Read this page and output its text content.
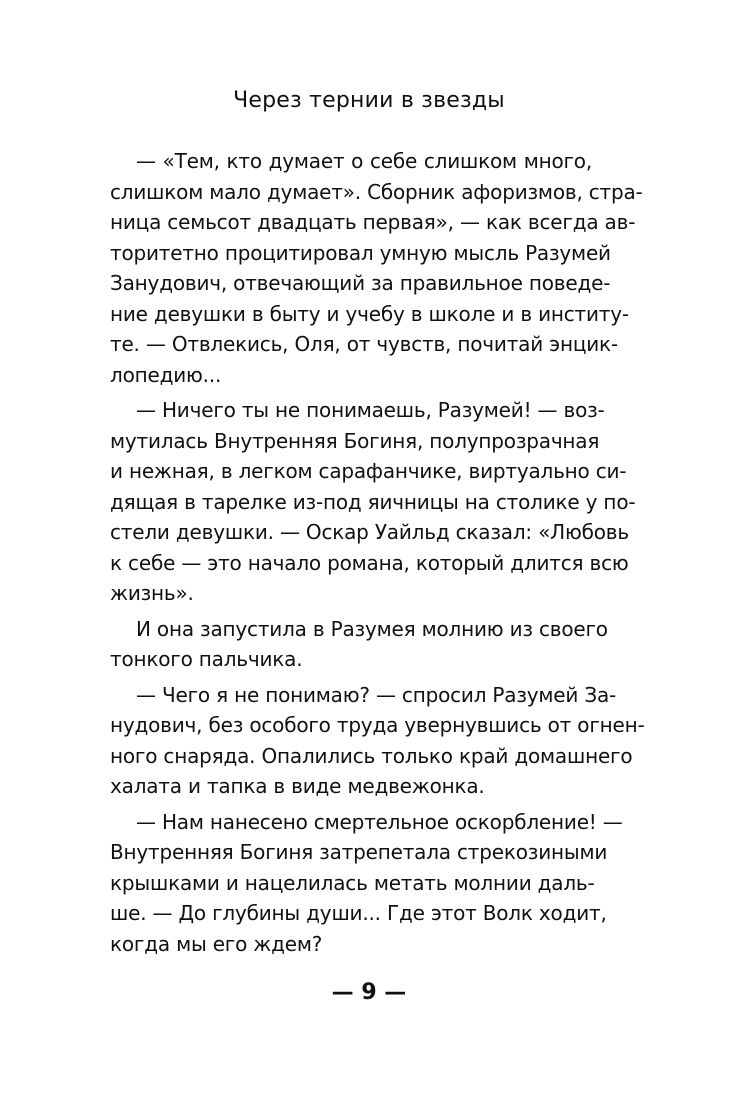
Через тернии в звезды
— «Тем, кто думает о себе слишком много,
слишком мало думает». Сборник афоризмов, стра-
ница семьсот двадцать первая», — как всегда ав-
торитетно процитировал умную мысль Разумей
Занудович, отвечающий за правильное поведе-
ние девушки в быту и учебу в школе и в институ-
те. — Отвлекись, Оля, от чувств, почитай энцик-
лопедию...
— Ничего ты не понимаешь, Разумей! — воз-
мутилась Внутренняя Богиня, полупрозрачная
и нежная, в легком сарафанчике, виртуально си-
дящая в тарелке из-под яичницы на столике у по-
стели девушки. — Оскар Уайльд сказал: «Любовь
к себе — это начало романа, который длится всю
жизнь».
И она запустила в Разумея молнию из своего
тонкого пальчика.
— Чего я не понимаю? — спросил Разумей За-
нудович, без особого труда увернувшись от огнен-
ного снаряда. Опалились только край домашнего
халата и тапка в виде медвежонка.
— Нам нанесено смертельное оскорбление! —
Внутренняя Богиня затрепетала стрекозиными
крышками и нацелилась метать молнии даль-
ше. — До глубины души... Где этот Волк ходит,
когда мы его ждем?
— 9 —
